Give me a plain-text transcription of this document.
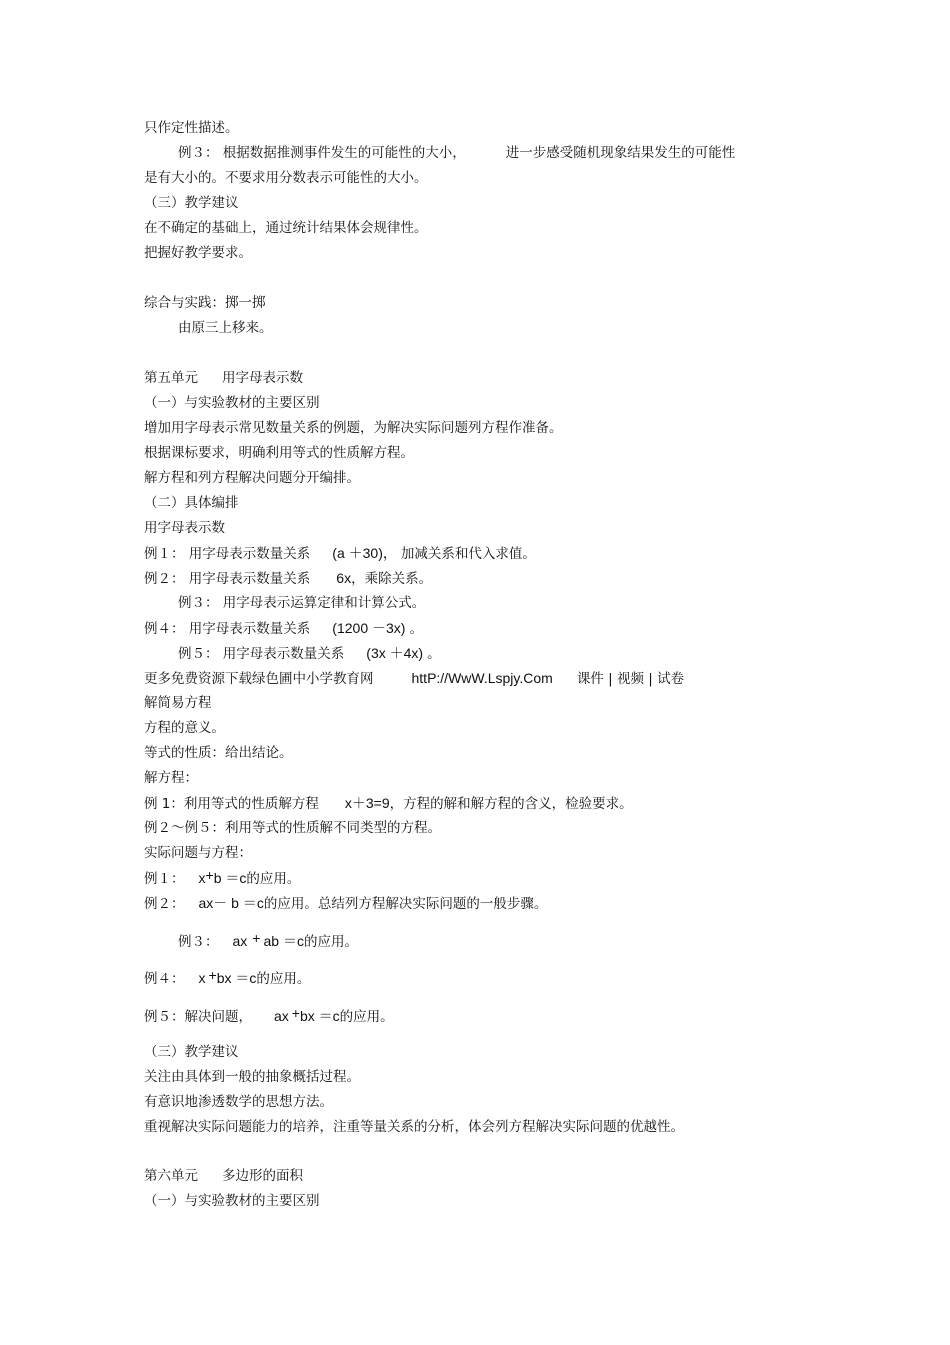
只作定性描述。
例３： 根据数据推测事件发生的可能性的大小，	进一步感受随机现象结果发生的可能性
是有大小的。不要求用分数表示可能性的大小。
（三）教学建议
在不确定的基础上，通过统计结果体会规律性。
把握好教学要求。
综合与实践：掷一掷
由原三上移来。
第五单元 用字母表示数
（一）与实验教材的主要区别
增加用字母表示常见数量关系的例题，为解决实际问题列方程作准备。
根据课标要求，明确利用等式的性质解方程。
解方程和列方程解决问题分开编排。
（二）具体编排
用字母表示数
例１： 用字母表示数量关系 (a ＋30)， 加减关系和代入求值。
例２： 用字母表示数量关系 6x，乘除关系。
例３： 用字母表示运算定律和计算公式。
例４： 用字母表示数量关系 (1200 －3x) 。
例５： 用字母表示数量关系 (3x ＋4x) 。
更多免费资源下载绿色圃中小学教育网	httP://WwW.Lspjy.Com 课件 | 视频 | 试卷
解简易方程
方程的意义。
等式的性质：给出结论。
解方程：
例 1：利用等式的性质解方程 x＋3=9，方程的解和解方程的含义，检验要求。
例２～例５：利用等式的性质解不同类型的方程。
实际问题与方程：
例１： x+b ＝c的应用。
例２： ax－ b ＝c的应用。总结列方程解决实际问题的一般步骤。
例３： ax + ab ＝c的应用。
例４： x +bx ＝c的应用。
例５：解决问题， ax +bx ＝c的应用。
（三）教学建议
关注由具体到一般的抽象概括过程。
有意识地渗透数学的思想方法。
重视解决实际问题能力的培养，注重等量关系的分析，体会列方程解决实际问题的优越性。
第六单元 多边形的面积
（一）与实验教材的主要区别
